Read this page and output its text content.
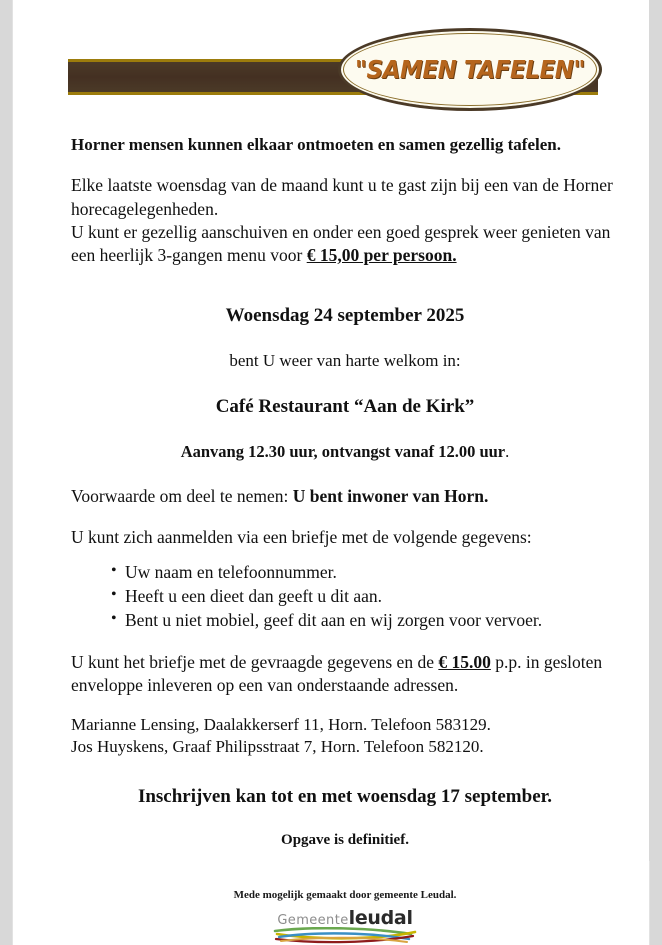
"SAMEN TAFELEN"

Horner mensen kunnen elkaar ontmoeten en samen gezellig tafelen.

Elke laatste woensdag van de maand kunt u te gast zijn bij een van de Horner horecagelegenheden.

U kunt er gezellig aanschuiven en onder een goed gesprek weer genieten van een heerlijk 3-gangen menu voor € 15,00 per persoon.

Woensdag 24 september 2025

bent U weer van harte welkom in:

Café Restaurant “Aan de Kirk”

Aanvang 12.30 uur, ontvangst vanaf 12.00 uur.

Voorwaarde om deel te nemen: U bent inwoner van Horn.

U kunt zich aanmelden via een briefje met de volgende gegevens:

• Uw naam en telefoonnummer.
• Heeft u een dieet dan geeft u dit aan.
• Bent u niet mobiel, geef dit aan en wij zorgen voor vervoer.

U kunt het briefje met de gevraagde gegevens en de € 15.00 p.p. in gesloten enveloppe inleveren op een van onderstaande adressen.

Marianne Lensing, Daalakkerserf 11, Horn. Telefoon 583129.

Jos Huyskens, Graaf Philipsstraat 7, Horn. Telefoon 582120.

Inschrijven kan tot en met woensdag 17 september.

Opgave is definitief.

Mede mogelijk gemaakt door gemeente Leudal.
Gemeenteleudal
